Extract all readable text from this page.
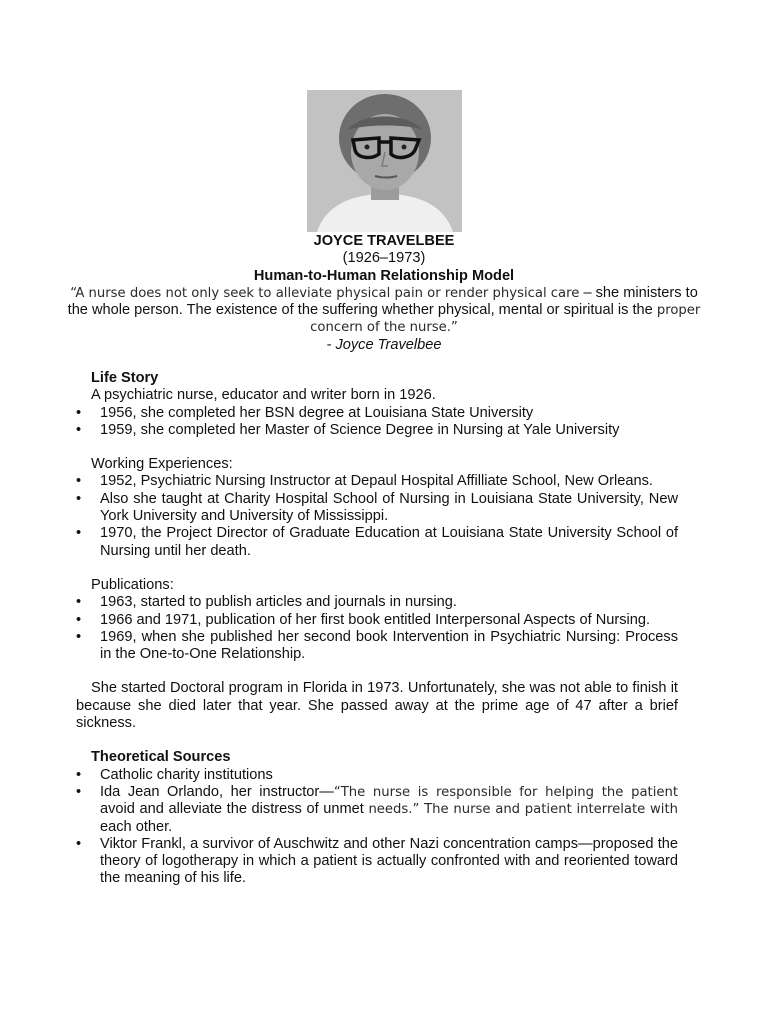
JOYCE TRAVELBEE
(1926–1973)
Human-to-Human Relationship Model
“A nurse does not only seek to alleviate physical pain or render physical care – she ministers to the whole person. The existence of the suffering whether physical, mental or spiritual is the proper concern of the nurse.”
- Joyce Travelbee
Life Story
A psychiatric nurse, educator and writer born in 1926.
• 1956, she completed her BSN degree at Louisiana State University
• 1959, she completed her Master of Science Degree in Nursing at Yale University
Working Experiences:
• 1952, Psychiatric Nursing Instructor at Depaul Hospital Affilliate School, New Orleans.
• Also she taught at Charity Hospital School of Nursing in Louisiana State University, New York University and University of Mississippi.
• 1970, the Project Director of Graduate Education at Louisiana State University School of Nursing until her death.
Publications:
• 1963, started to publish articles and journals in nursing.
• 1966 and 1971, publication of her first book entitled Interpersonal Aspects of Nursing.
• 1969, when she published her second book Intervention in Psychiatric Nursing: Process in the One-to-One Relationship.
She started Doctoral program in Florida in 1973. Unfortunately, she was not able to finish it because she died later that year. She passed away at the prime age of 47 after a brief sickness.
Theoretical Sources
• Catholic charity institutions
• Ida Jean Orlando, her instructor—“The nurse is responsible for helping the patient avoid and alleviate the distress of unmet needs.” The nurse and patient interrelate with each other.
• Viktor Frankl, a survivor of Auschwitz and other Nazi concentration camps—proposed the theory of logotherapy in which a patient is actually confronted with and reoriented toward the meaning of his life.
